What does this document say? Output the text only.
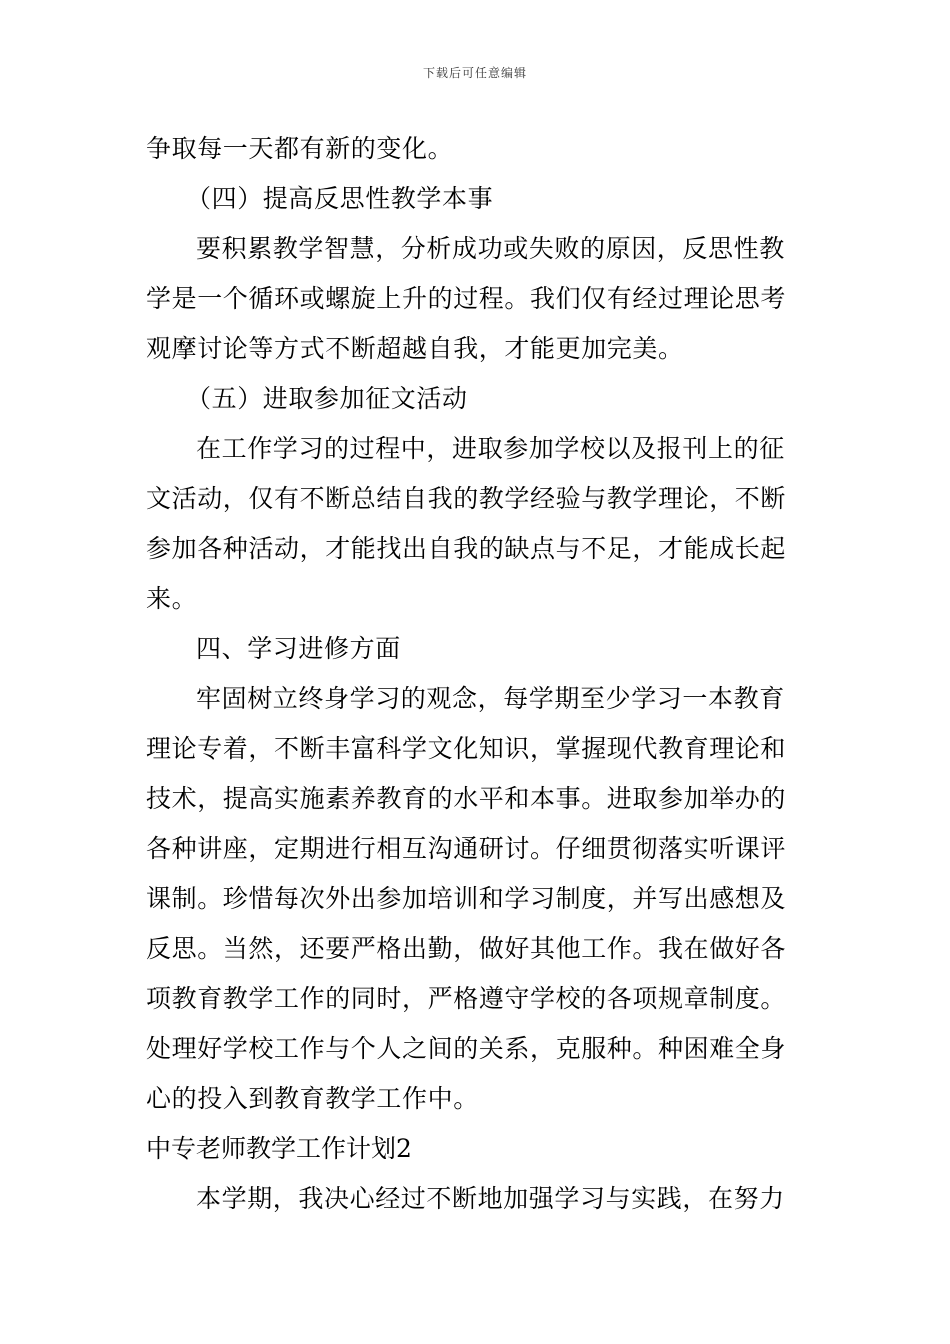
下载后可任意编辑
争取每一天都有新的变化。
（四）提高反思性教学本事
要积累教学智慧，分析成功或失败的原因，反思性教
学是一个循环或螺旋上升的过程。我们仅有经过理论思考
观摩讨论等方式不断超越自我，才能更加完美。
（五）进取参加征文活动
在工作学习的过程中，进取参加学校以及报刊上的征
文活动，仅有不断总结自我的教学经验与教学理论，不断
参加各种活动，才能找出自我的缺点与不足，才能成长起
来。
四、学习进修方面
牢固树立终身学习的观念，每学期至少学习一本教育
理论专着，不断丰富科学文化知识，掌握现代教育理论和
技术，提高实施素养教育的水平和本事。进取参加举办的
各种讲座，定期进行相互沟通研讨。仔细贯彻落实听课评
课制。珍惜每次外出参加培训和学习制度，并写出感想及
反思。当然，还要严格出勤，做好其他工作。我在做好各
项教育教学工作的同时，严格遵守学校的各项规章制度。
处理好学校工作与个人之间的关系，克服种。种困难全身
心的投入到教育教学工作中。
中专老师教学工作计划2
本学期，我决心经过不断地加强学习与实践，在努力
